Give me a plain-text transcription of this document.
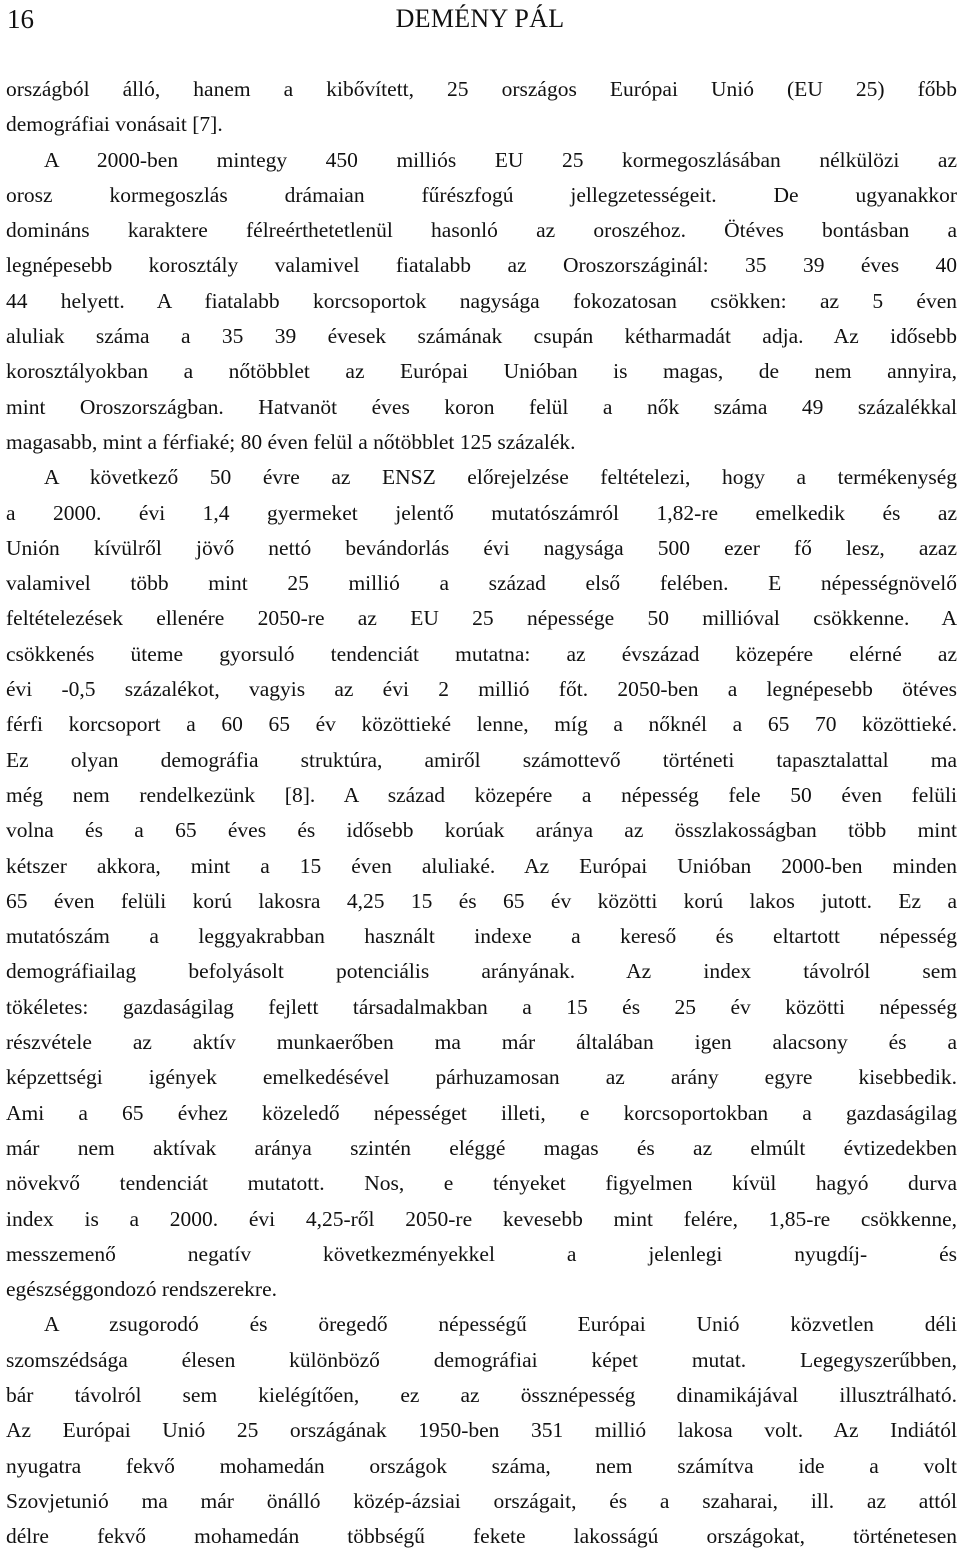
16	DEMÉNY PÁL
országból álló, hanem a kibővített, 25 országos Európai Unió (EU 25) főbb
demográfiai vonásait [7].
A 2000-ben mintegy 450 milliós EU 25 kormegoszlásában nélkülözi az
orosz kormegoszlás drámaian fűrészfogú jellegzetességeit. De ugyanakkor
domináns karaktere félreérthetetlenül hasonló az oroszéhoz. Ötéves bontásban a
legnépesebb korosztály valamivel fiatalabb az Oroszországinál: 35 39 éves 40
44 helyett. A fiatalabb korcsoportok nagysága fokozatosan csökken: az 5 éven
aluliak száma a 35 39 évesek számának csupán kétharmadát adja. Az idősebb
korosztályokban a nőtöbblet az Európai Unióban is magas, de nem annyira,
mint Oroszországban. Hatvanöt éves koron felül a nők száma 49 százalékkal
magasabb, mint a férfiaké; 80 éven felül a nőtöbblet 125 százalék.
A következő 50 évre az ENSZ előrejelzése feltételezi, hogy a termékenység
a 2000. évi 1,4 gyermeket jelentő mutatószámról 1,82-re emelkedik és az
Unión kívülről jövő nettó bevándorlás évi nagysága 500 ezer fő lesz, azaz
valamivel több mint 25 millió a század első felében. E népességnövelő
feltételezések ellenére 2050-re az EU 25 népessége 50 millióval csökkenne. A
csökkenés üteme gyorsuló tendenciát mutatna: az évszázad közepére elérné az
évi -0,5 százalékot, vagyis az évi 2 millió főt. 2050-ben a legnépesebb ötéves
férfi korcsoport a 60 65 év közöttieké lenne, míg a nőknél a 65 70 közöttieké.
Ez olyan demográfia struktúra, amiről számottevő történeti tapasztalattal ma
még nem rendelkezünk [8]. A század közepére a népesség fele 50 éven felüli
volna és a 65 éves és idősebb korúak aránya az összlakosságban több mint
kétszer akkora, mint a 15 éven aluliaké. Az Európai Unióban 2000-ben minden
65 éven felüli korú lakosra 4,25 15 és 65 év közötti korú lakos jutott. Ez a
mutatószám a leggyakrabban használt indexe a kereső és eltartott népesség
demográfiailag befolyásolt potenciális arányának. Az index távolról sem
tökéletes: gazdaságilag fejlett társadalmakban a 15 és 25 év közötti népesség
részvétele az aktív munkaerőben ma már általában igen alacsony és a
képzettségi igények emelkedésével párhuzamosan az arány egyre kisebbedik.
Ami a 65 évhez közeledő népességet illeti, e korcsoportokban a gazdaságilag
már nem aktívak aránya szintén eléggé magas és az elmúlt évtizedekben
növekvő tendenciát mutatott. Nos, e tényeket figyelmen kívül hagyó durva
index is a 2000. évi 4,25-ről 2050-re kevesebb mint felére, 1,85-re csökkenne,
messzemenő negatív következményekkel a jelenlegi nyugdíj- és
egészséggondozó rendszerekre.
A zsugorodó és öregedő népességű Európai Unió közvetlen déli
szomszédsága élesen különböző demográfiai képet mutat. Legegyszerűbben,
bár távolról sem kielégítően, ez az össznépesség dinamikájával illusztrálható.
Az Európai Unió 25 országának 1950-ben 351 millió lakosa volt. Az Indiától
nyugatra fekvő mohamedán országok száma, nem számítva ide a volt
Szovjetunió ma már önálló közép-ázsiai országait, és a szaharai, ill. az attól
délre fekvő mohamedán többségű fekete lakosságú országokat, történetesen
